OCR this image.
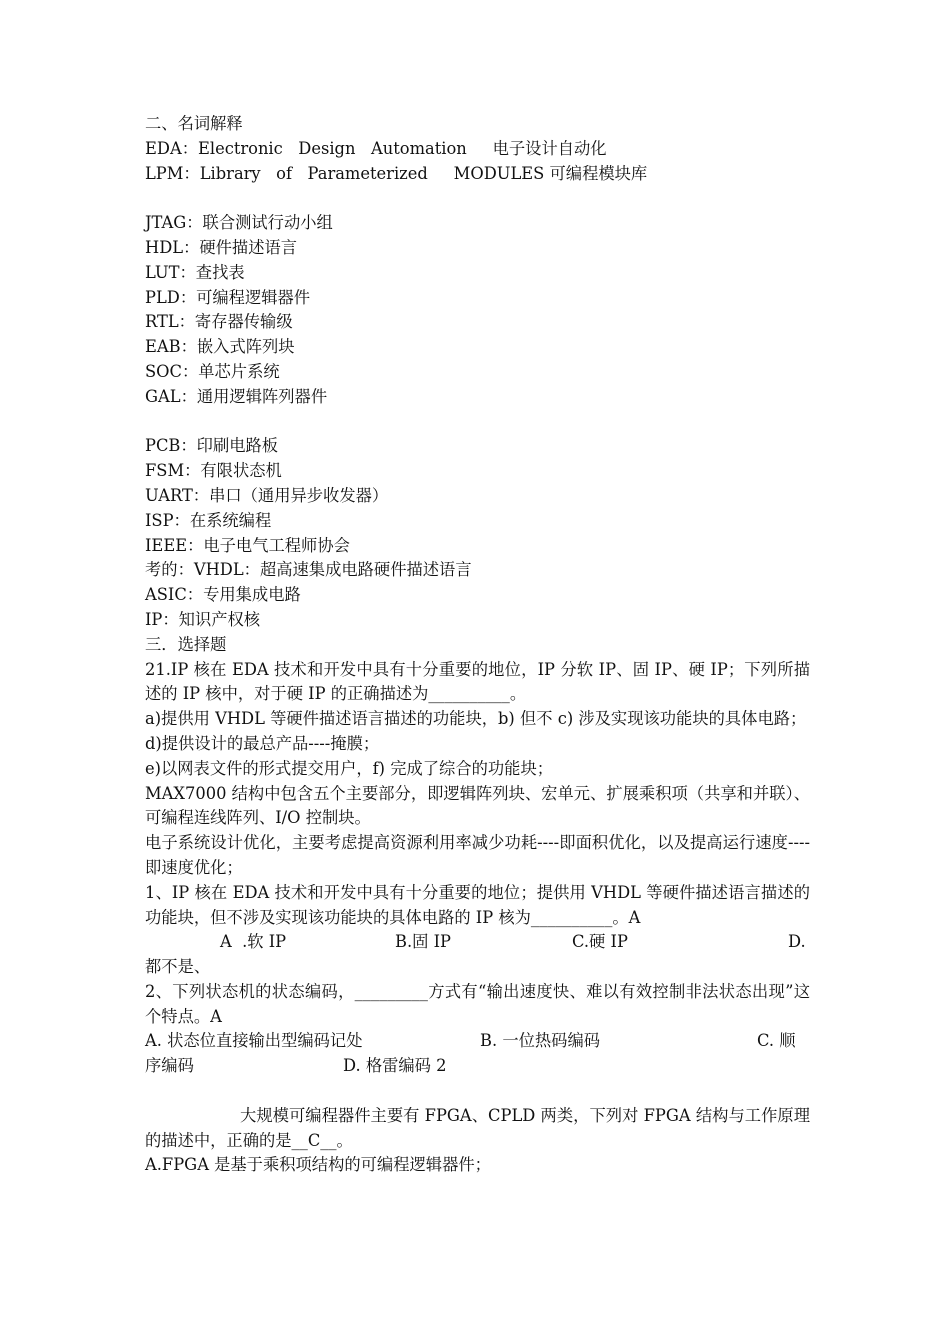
二、名词解释
EDA：Electronic   Design   Automation     电子设计自动化
LPM：Library   of   Parameterized     MODULES 可编程模块库
JTAG：联合测试行动小组
HDL：硬件描述语言
LUT：查找表
PLD：可编程逻辑器件
RTL：寄存器传输级
EAB：嵌入式阵列块
SOC：单芯片系统
GAL：通用逻辑阵列器件
PCB：印刷电路板
FSM：有限状态机
UART：串口（通用异步收发器）
ISP：在系统编程
IEEE：电子电气工程师协会
考的：VHDL：超高速集成电路硬件描述语言
ASIC：专用集成电路
IP：知识产权核
三．选择题
21.IP 核在 EDA 技术和开发中具有十分重要的地位，IP 分软 IP、固 IP、硬 IP；下列所描述的 IP 核中，对于硬 IP 的正确描述为__________。
a)提供用 VHDL 等硬件描述语言描述的功能块，b) 但不 c) 涉及实现该功能块的具体电路；
d)提供设计的最总产品----掩膜；
e)以网表文件的形式提交用户，f) 完成了综合的功能块；
MAX7000 结构中包含五个主要部分，即逻辑阵列块、宏单元、扩展乘积项（共享和并联）、可编程连线阵列、I/O 控制块。
电子系统设计优化，主要考虑提高资源利用率减少功耗----即面积优化，以及提高运行速度----即速度优化；
1、IP 核在 EDA 技术和开发中具有十分重要的地位；提供用 VHDL 等硬件描述语言描述的功能块，但不涉及实现该功能块的具体电路的 IP 核为__________。A

A  .软 IP

	B.固 IP

	C.硬 IP

	D.

都不是、
2、下列状态机的状态编码，_________方式有“输出速度快、难以有效控制非法状态出现”这个特点。A

A. 状态位直接输出型编码记处

	B. 一位热码编码

	C. 顺

序编码

	D. 格雷编码 2

大规模可编程器件主要有 FPGA、CPLD 两类，下列对 FPGA 结构与工作原理的描述中，正确的是__C__。
A.FPGA 是基于乘积项结构的可编程逻辑器件；
